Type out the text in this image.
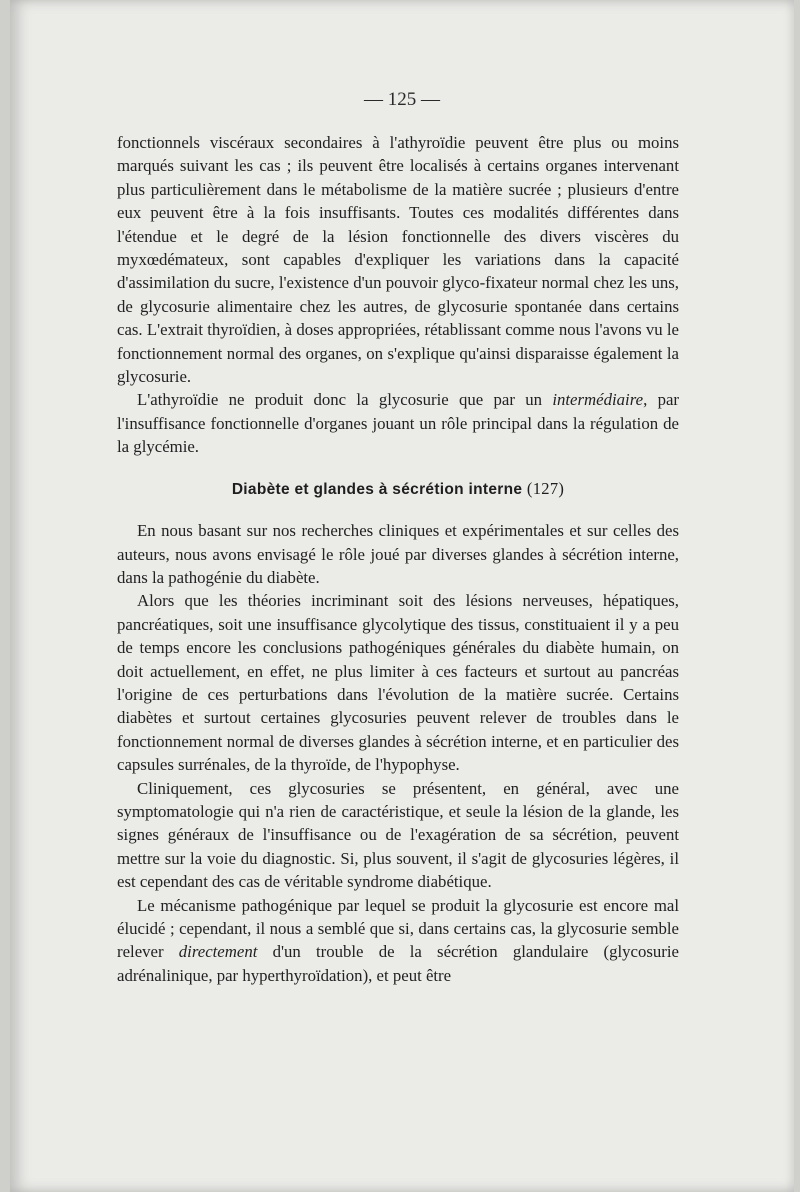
— 125 —

fonctionnels viscéraux secondaires à l'athyroïdie peuvent être plus ou moins marqués suivant les cas ; ils peuvent être localisés à certains organes intervenant plus particulièrement dans le métabolisme de la matière sucrée ; plusieurs d'entre eux peuvent être à la fois insuffisants. Toutes ces modalités différentes dans l'étendue et le degré de la lésion fonctionnelle des divers viscères du myxœdémateux, sont capables d'expliquer les variations dans la capacité d'assimilation du sucre, l'existence d'un pouvoir glyco-fixateur normal chez les uns, de glycosurie alimentaire chez les autres, de glycosurie spontanée dans certains cas. L'extrait thyroïdien, à doses appropriées, rétablissant comme nous l'avons vu le fonctionnement normal des organes, on s'explique qu'ainsi disparaisse également la glycosurie.

L'athyroïdie ne produit donc la glycosurie que par un intermédiaire, par l'insuffisance fonctionnelle d'organes jouant un rôle principal dans la régulation de la glycémie.

Diabète et glandes à sécrétion interne (127)

En nous basant sur nos recherches cliniques et expérimentales et sur celles des auteurs, nous avons envisagé le rôle joué par diverses glandes à sécrétion interne, dans la pathogénie du diabète.

Alors que les théories incriminant soit des lésions nerveuses, hépatiques, pancréatiques, soit une insuffisance glycolytique des tissus, constituaient il y a peu de temps encore les conclusions pathogéniques générales du diabète humain, on doit actuellement, en effet, ne plus limiter à ces facteurs et surtout au pancréas l'origine de ces perturbations dans l'évolution de la matière sucrée. Certains diabètes et surtout certaines glycosuries peuvent relever de troubles dans le fonctionnement normal de diverses glandes à sécrétion interne, et en particulier des capsules surrénales, de la thyroïde, de l'hypophyse.

Cliniquement, ces glycosuries se présentent, en général, avec une symptomatologie qui n'a rien de caractéristique, et seule la lésion de la glande, les signes généraux de l'insuffisance ou de l'exagération de sa sécrétion, peuvent mettre sur la voie du diagnostic. Si, plus souvent, il s'agit de glycosuries légères, il est cependant des cas de véritable syndrome diabétique.

Le mécanisme pathogénique par lequel se produit la glycosurie est encore mal élucidé ; cependant, il nous a semblé que si, dans certains cas, la glycosurie semble relever directement d'un trouble de la sécrétion glandulaire (glycosurie adrénalinique, par hyperthyroïdation), et peut être
